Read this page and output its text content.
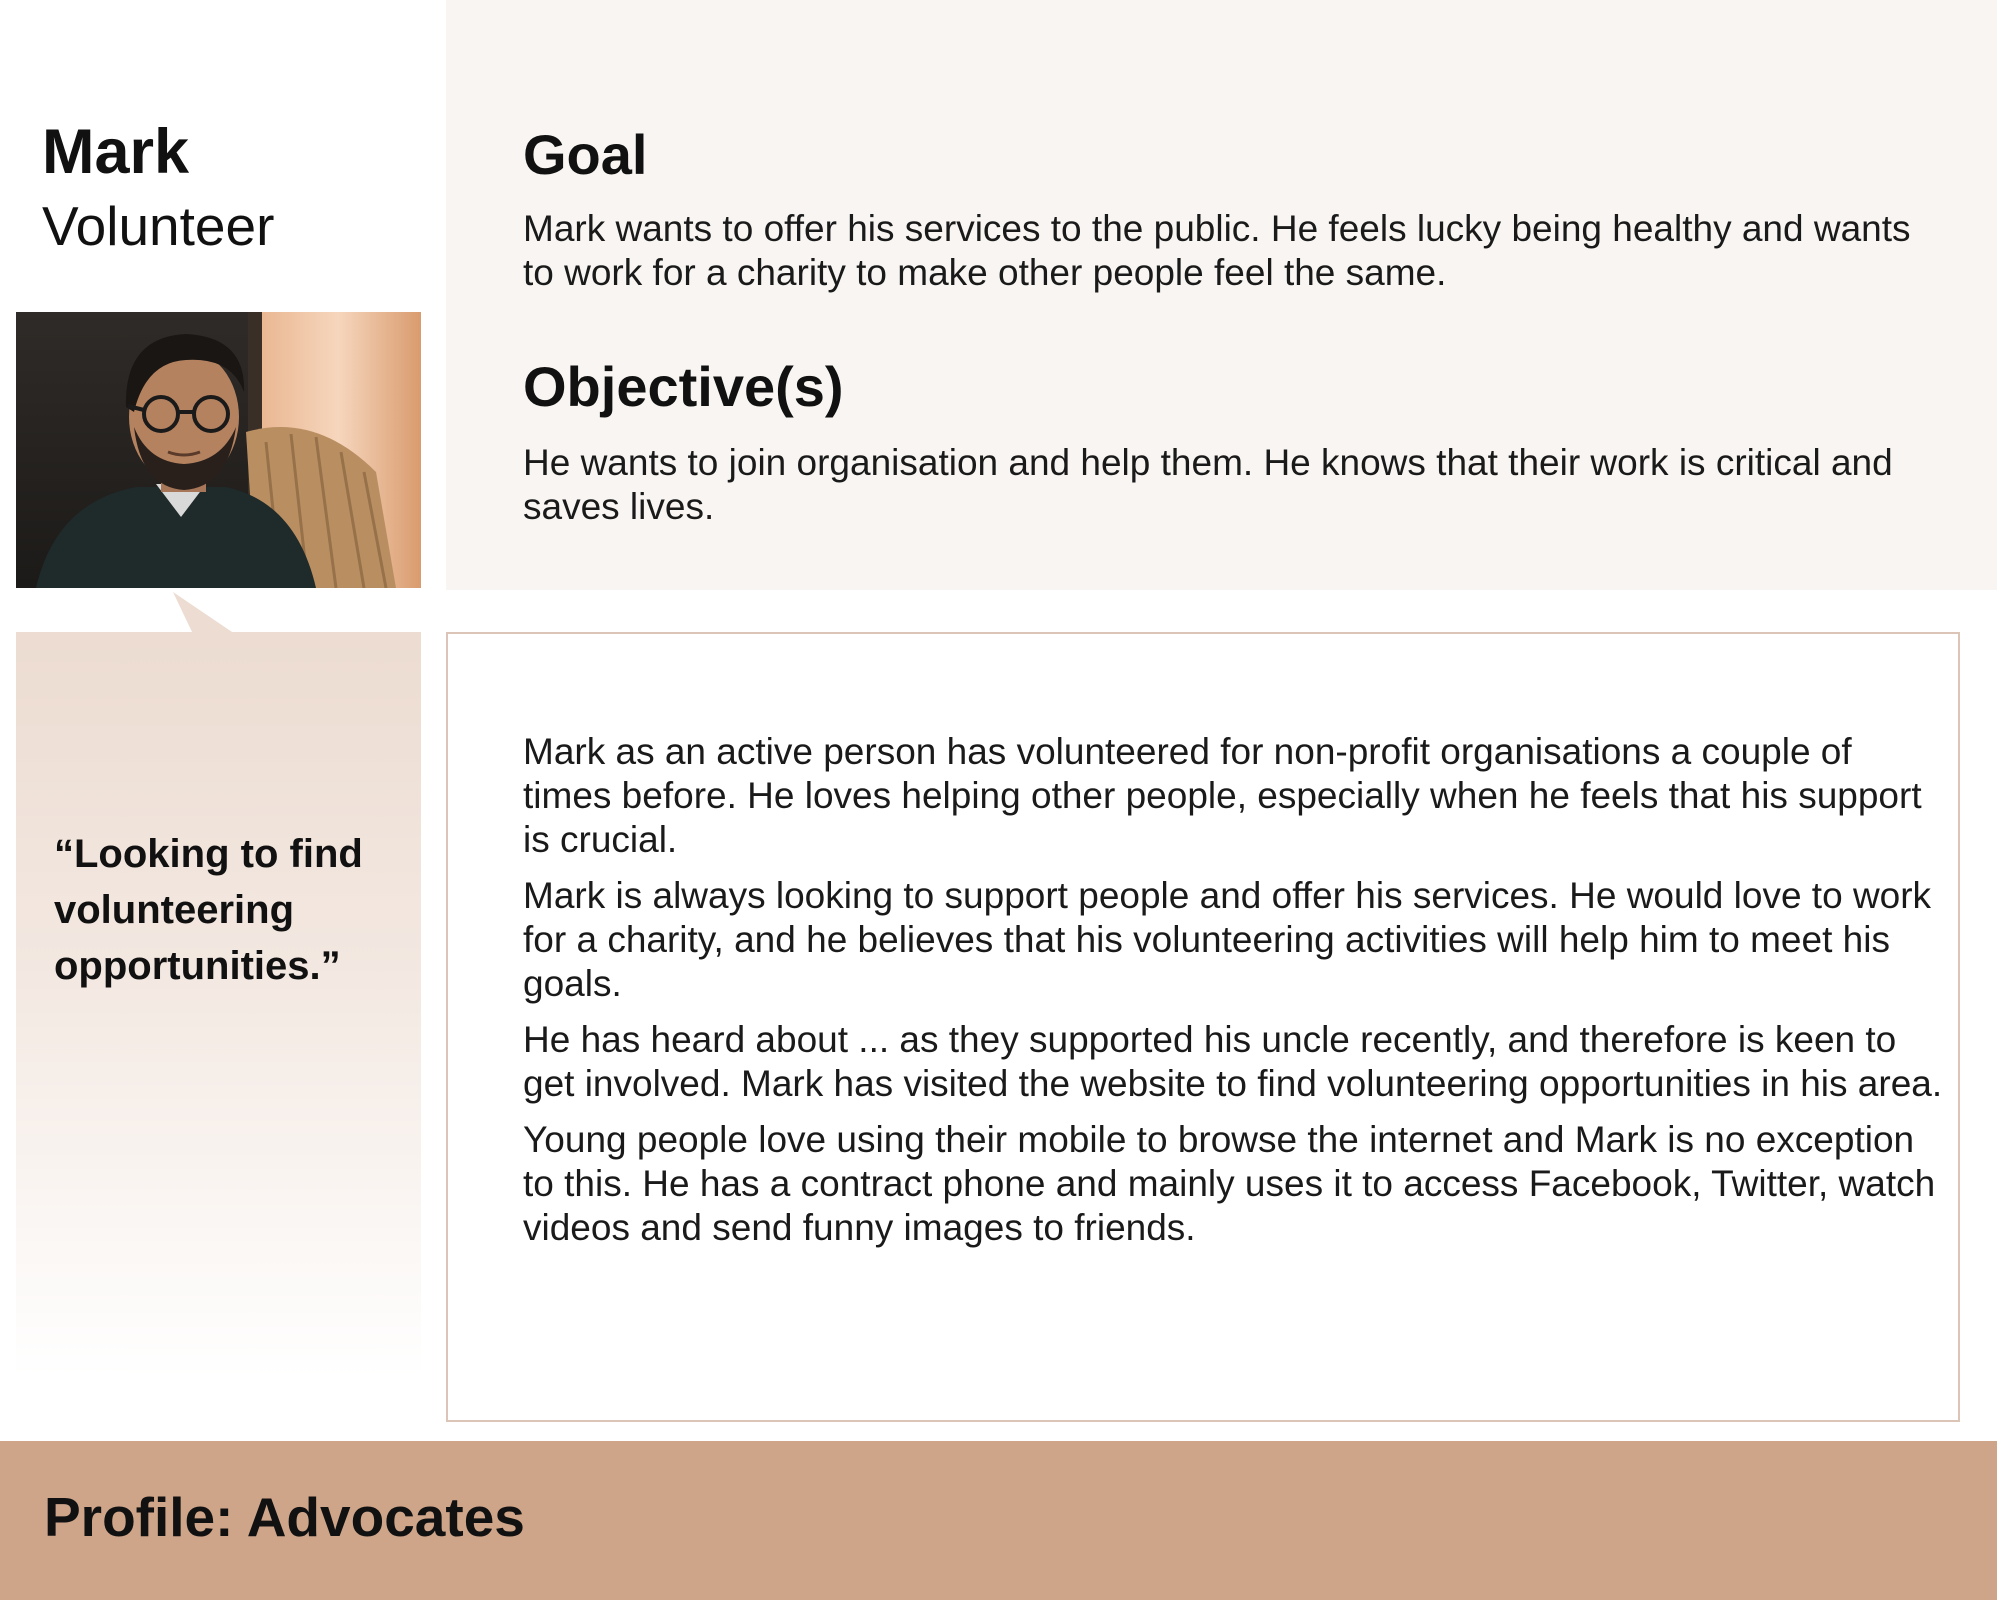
Mark
Volunteer
Goal

Mark wants to offer his services to the public. He feels lucky being healthy and wants to work for a charity to make other people feel the same.

Objective(s)

He wants to join organisation and help them. He knows that their work is critical and saves lives.

“Looking to find volunteering opportunities.”

Mark as an active person has volunteered for non-profit organisations a couple of times before. He loves helping other people, especially when he feels that his support is crucial.

Mark is always looking to support people and offer his services. He would love to work for a charity, and he believes that his volunteering activities will help him to meet his goals.

He has heard about ... as they supported his uncle recently, and therefore is keen to get involved. Mark has visited the website to find volunteering opportunities in his area.

Young people love using their mobile to browse the internet and Mark is no exception to this. He has a contract phone and mainly uses it to access Facebook, Twitter, watch videos and send funny images to friends.

Profile: Advocates
